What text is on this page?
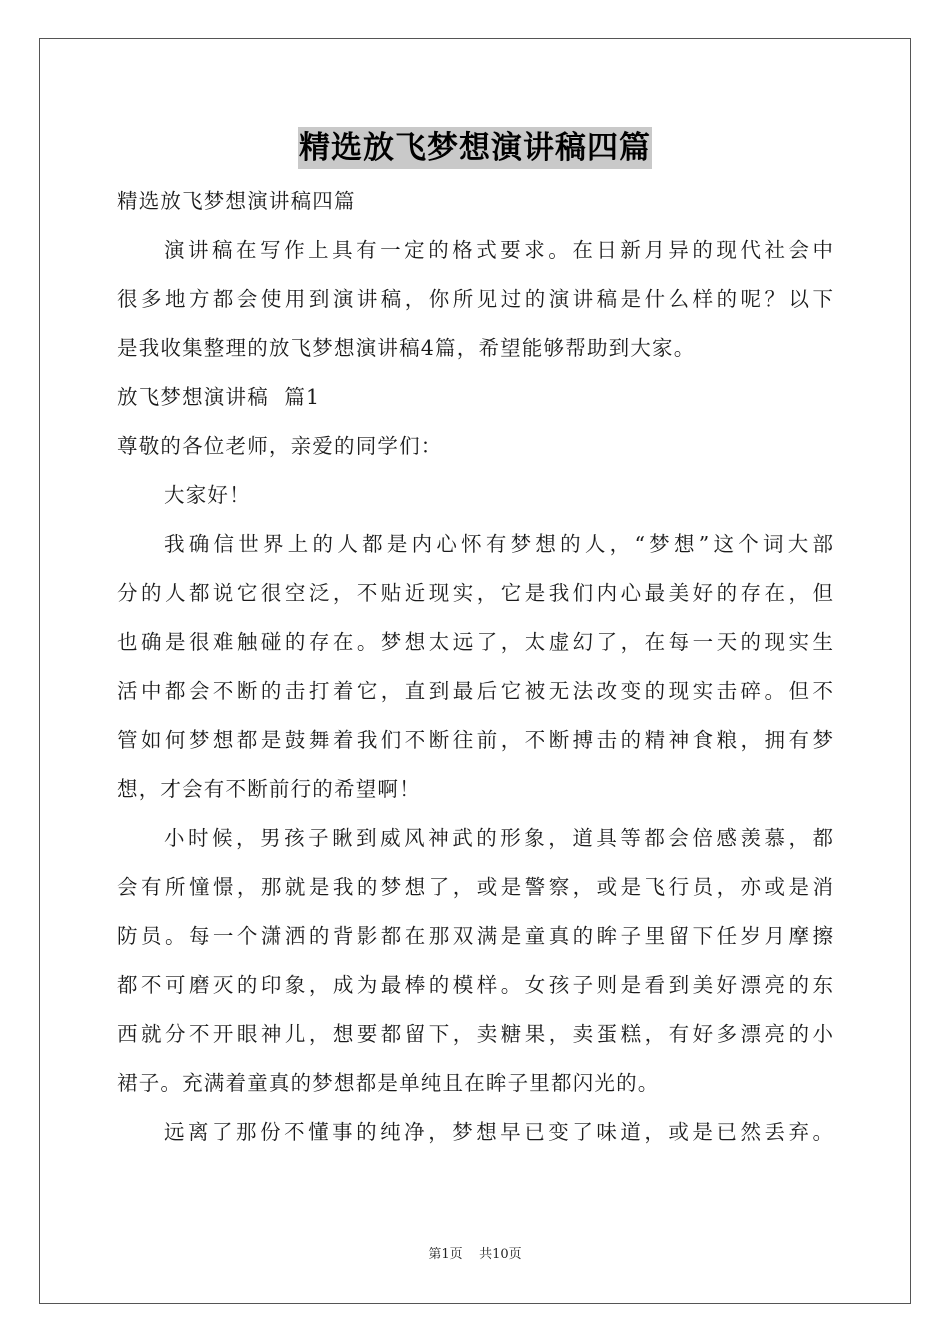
精选放飞梦想演讲稿四篇
精选放飞梦想演讲稿四篇
演讲稿在写作上具有一定的格式要求。在日新月异的现代社会中
很多地方都会使用到演讲稿，你所见过的演讲稿是什么样的呢？以下
是我收集整理的放飞梦想演讲稿4篇，希望能够帮助到大家。
放飞梦想演讲稿  篇1
尊敬的各位老师，亲爱的同学们：
大家好！
我确信世界上的人都是内心怀有梦想的人，“梦想”这个词大部
分的人都说它很空泛，不贴近现实，它是我们内心最美好的存在，但
也确是很难触碰的存在。梦想太远了，太虚幻了，在每一天的现实生
活中都会不断的击打着它，直到最后它被无法改变的现实击碎。但不
管如何梦想都是鼓舞着我们不断往前，不断搏击的精神食粮，拥有梦
想，才会有不断前行的希望啊！
小时候，男孩子瞅到威风神武的形象，道具等都会倍感羡慕，都
会有所憧憬，那就是我的梦想了，或是警察，或是飞行员，亦或是消
防员。每一个潇洒的背影都在那双满是童真的眸子里留下任岁月摩擦
都不可磨灭的印象，成为最棒的模样。女孩子则是看到美好漂亮的东
西就分不开眼神儿，想要都留下，卖糖果，卖蛋糕，有好多漂亮的小
裙子。充满着童真的梦想都是单纯且在眸子里都闪光的。
远离了那份不懂事的纯净，梦想早已变了味道，或是已然丢弃。
第1页 共10页
